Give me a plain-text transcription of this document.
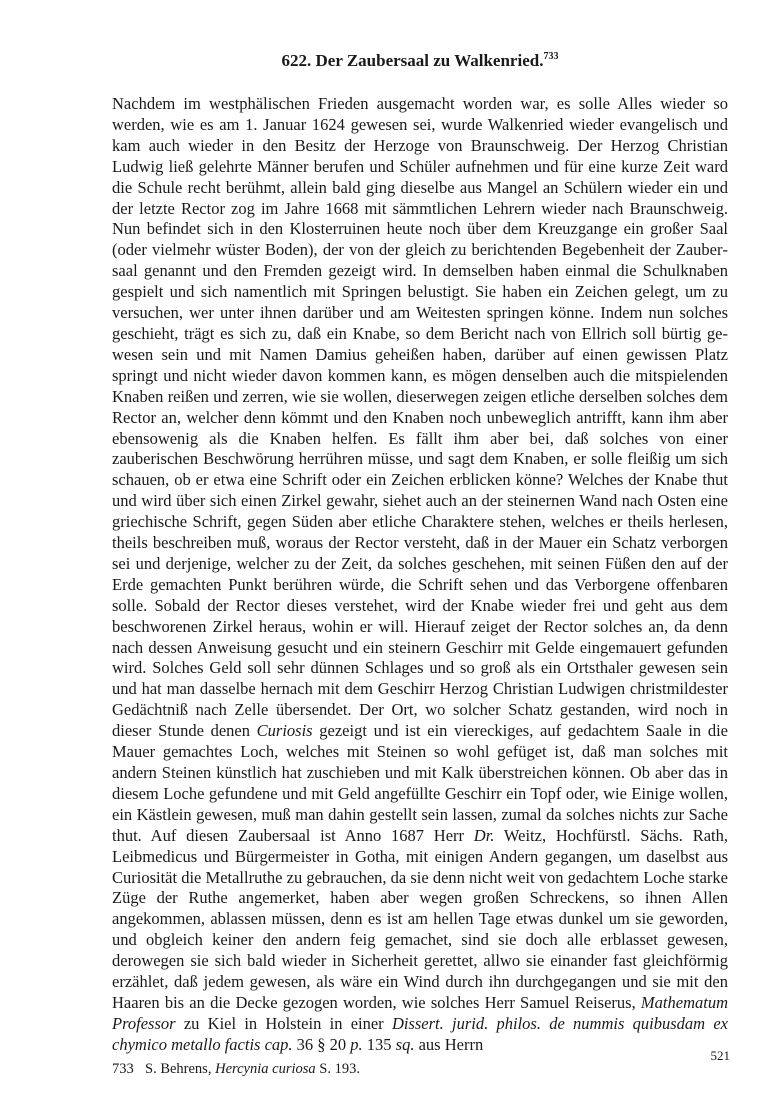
622. Der Zaubersaal zu Walkenried.$^{733}$

Nachdem im westphälischen Frieden ausgemacht worden war, es solle Alles wieder so werden, wie es am 1. Januar 1624 gewesen sei, wurde Walkenried wieder evangelisch und kam auch wieder in den Besitz der Herzoge von Braunschweig. Der Herzog Christian Ludwig ließ gelehrte Männer berufen und Schüler aufnehmen und für eine kurze Zeit ward die Schule recht berühmt, allein bald ging dieselbe aus Mangel an Schülern wieder ein und der letzte Rector zog im Jahre 1668 mit sämmtlichen Lehrern wieder nach Braunschweig. Nun befindet sich in den Klosterruinen heute noch über dem Kreuzgange ein großer Saal (oder vielmehr wüster Boden), der von der gleich zu berichtenden Begebenheit der Zaubersaal genannt und den Fremden gezeigt wird. In demselben haben einmal die Schulknaben gespielt und sich namentlich mit Springen belustigt. Sie haben ein Zeichen gelegt, um zu versuchen, wer unter ihnen darüber und am Weitesten springen könne. Indem nun solches geschieht, trägt es sich zu, daß ein Knabe, so dem Bericht nach von Ellrich soll bürtig gewesen sein und mit Namen Damius geheißen haben, darüber auf einen gewissen Platz springt und nicht wieder davon kommen kann, es mögen denselben auch die mitspielenden Knaben reißen und zerren, wie sie wollen, dieserwegen zeigen etliche derselben solches dem Rector an, welcher denn kömmt und den Knaben noch unbeweglich antrifft, kann ihm aber ebensowenig als die Knaben helfen. Es fällt ihm aber bei, daß solches von einer zauberischen Beschwörung herrühren müsse, und sagt dem Knaben, er solle fleißig um sich schauen, ob er etwa eine Schrift oder ein Zeichen erblicken könne? Welches der Knabe thut und wird über sich einen Zirkel gewahr, siehet auch an der steinernen Wand nach Osten eine griechische Schrift, gegen Süden aber etliche Charaktere stehen, welches er theils herlesen, theils beschreiben muß, woraus der Rector versteht, daß in der Mauer ein Schatz verborgen sei und derjenige, welcher zu der Zeit, da solches geschehen, mit seinen Füßen den auf der Erde gemachten Punkt berühren würde, die Schrift sehen und das Verborgene offenbaren solle. Sobald der Rector dieses verstehet, wird der Knabe wieder frei und geht aus dem beschworenen Zirkel heraus, wohin er will. Hierauf zeiget der Rector solches an, da denn nach dessen Anweisung gesucht und ein steinern Geschirr mit Gelde eingemauert gefunden wird. Solches Geld soll sehr dünnen Schlages und so groß als ein Ortsthaler gewesen sein und hat man dasselbe hernach mit dem Geschirr Herzog Christian Ludwigen christmildester Gedächtniß nach Zelle übersendet. Der Ort, wo solcher Schatz gestanden, wird noch in dieser Stunde denen Curiosis gezeigt und ist ein viereckiges, auf gedachtem Saale in die Mauer gemachtes Loch, welches mit Steinen so wohl gefüget ist, daß man solches mit andern Steinen künstlich hat zuschieben und mit Kalk überstreichen können. Ob aber das in diesem Loche gefundene und mit Geld angefüllte Geschirr ein Topf oder, wie Einige wollen, ein Kästlein gewesen, muß man dahin gestellt sein lassen, zumal da solches nichts zur Sache thut. Auf diesen Zaubersaal ist Anno 1687 Herr Dr. Weitz, Hochfürstl. Sächs. Rath, Leibmedicus und Bürgermeister in Gotha, mit einigen Andern gegangen, um daselbst aus Curiosität die Metallruthe zu gebrauchen, da sie denn nicht weit von gedachtem Loche starke Züge der Ruthe angemerket, haben aber wegen großen Schreckens, so ihnen Allen angekommen, ablassen müssen, denn es ist am hellen Tage etwas dunkel um sie geworden, und obgleich keiner den andern feig gemachet, sind sie doch alle erblasset gewesen, derowegen sie sich bald wieder in Sicherheit gerettet, allwo sie einander fast gleichförmig erzählet, daß jedem gewesen, als wäre ein Wind durch ihn durchgegangen und sie mit den Haaren bis an die Decke gezogen worden, wie solches Herr Samuel Reiserus, Mathematum Professor zu Kiel in Holstein in einer Dissert. jurid. philos. de nummis quibusdam ex chymico metallo factis cap. 36 § 20 p. 135 sq. aus Herrn

733 S. Behrens, Hercynia curiosa S. 193.
521
